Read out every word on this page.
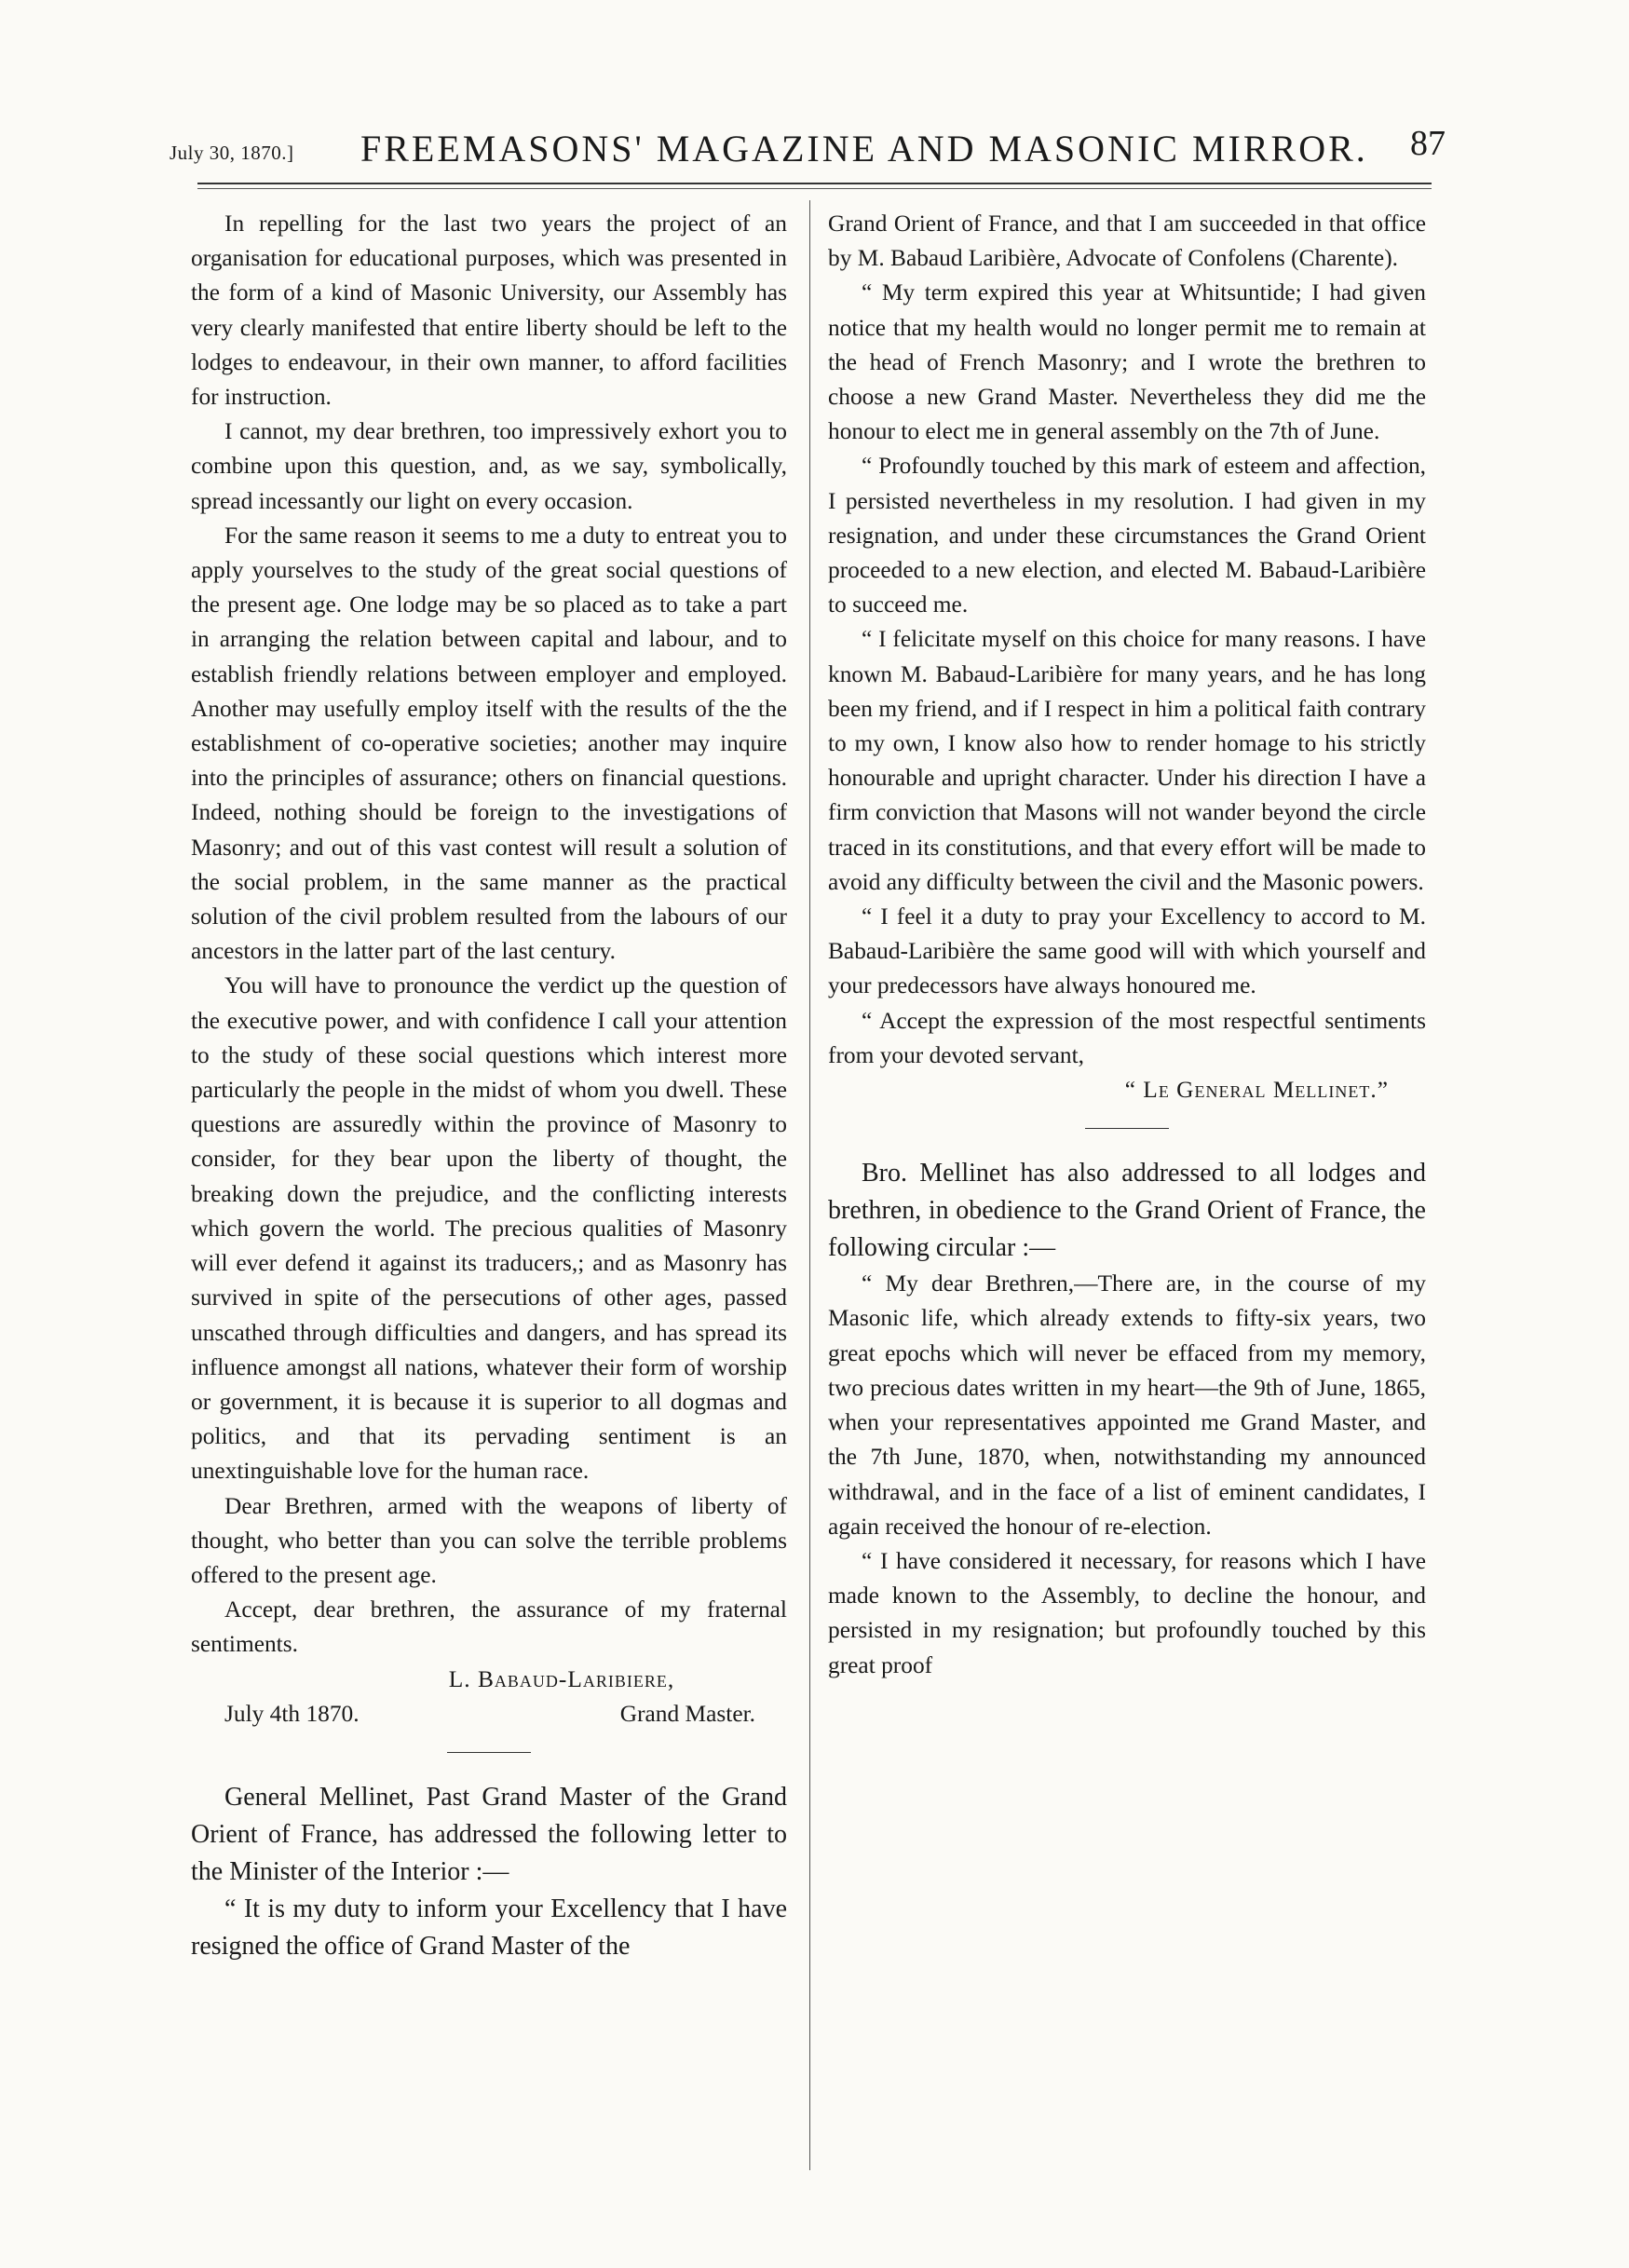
July 30, 1870.] FREEMASONS' MAGAZINE AND MASONIC MIRROR. 87

In repelling for the last two years the project of an organisation for educational purposes, which was presented in the form of a kind of Masonic University, our Assembly has very clearly manifested that entire liberty should be left to the lodges to endeavour, in their own manner, to afford facilities for instruction.

I cannot, my dear brethren, too impressively exhort you to combine upon this question, and, as we say, symbolically, spread incessantly our light on every occasion.

For the same reason it seems to me a duty to entreat you to apply yourselves to the study of the great social questions of the present age. One lodge may be so placed as to take a part in arranging the relation between capital and labour, and to establish friendly relations between employer and employed. Another may usefully employ itself with the results of the the establishment of co-operative societies; another may inquire into the principles of assurance; others on financial questions. Indeed, nothing should be foreign to the investigations of Masonry; and out of this vast contest will result a solution of the social problem, in the same manner as the practical solution of the civil problem resulted from the labours of our ancestors in the latter part of the last century.

You will have to pronounce the verdict up the question of the executive power, and with confidence I call your attention to the study of these social questions which interest more particularly the people in the midst of whom you dwell. These questions are assuredly within the province of Masonry to consider, for they bear upon the liberty of thought, the breaking down the prejudice, and the conflicting interests which govern the world. The precious qualities of Masonry will ever defend it against its traducers,; and as Masonry has survived in spite of the persecutions of other ages, passed unscathed through difficulties and dangers, and has spread its influence amongst all nations, whatever their form of worship or government, it is because it is superior to all dogmas and politics, and that its pervading sentiment is an unextinguishable love for the human race.

Dear Brethren, armed with the weapons of liberty of thought, who better than you can solve the terrible problems offered to the present age.

Accept, dear brethren, the assurance of my fraternal sentiments.

L. Babaud-Laribiere,

July 4th 1870.	Grand Master.

General Mellinet, Past Grand Master of the Grand Orient of France, has addressed the following letter to the Minister of the Interior :—

“ It is my duty to inform your Excellency that I have resigned the office of Grand Master of the

Grand Orient of France, and that I am succeeded in that office by M. Babaud Laribière, Advocate of Confolens (Charente).

“ My term expired this year at Whitsuntide; I had given notice that my health would no longer permit me to remain at the head of French Masonry; and I wrote the brethren to choose a new Grand Master. Nevertheless they did me the honour to elect me in general assembly on the 7th of June.

“ Profoundly touched by this mark of esteem and affection, I persisted nevertheless in my resolution. I had given in my resignation, and under these circumstances the Grand Orient proceeded to a new election, and elected M. Babaud-Laribière to succeed me.

“ I felicitate myself on this choice for many reasons. I have known M. Babaud-Laribière for many years, and he has long been my friend, and if I respect in him a political faith contrary to my own, I know also how to render homage to his strictly honourable and upright character. Under his direction I have a firm conviction that Masons will not wander beyond the circle traced in its constitutions, and that every effort will be made to avoid any difficulty between the civil and the Masonic powers.

“ I feel it a duty to pray your Excellency to accord to M. Babaud-Laribière the same good will with which yourself and your predecessors have always honoured me.

“ Accept the expression of the most respectful sentiments from your devoted servant,

“ Le General Mellinet.”

Bro. Mellinet has also addressed to all lodges and brethren, in obedience to the Grand Orient of France, the following circular :—

“ My dear Brethren,—There are, in the course of my Masonic life, which already extends to fifty-six years, two great epochs which will never be effaced from my memory, two precious dates written in my heart—the 9th of June, 1865, when your representatives appointed me Grand Master, and the 7th June, 1870, when, notwithstanding my announced withdrawal, and in the face of a list of eminent candidates, I again received the honour of re-election.

“ I have considered it necessary, for reasons which I have made known to the Assembly, to decline the honour, and persisted in my resignation; but profoundly touched by this great proof
